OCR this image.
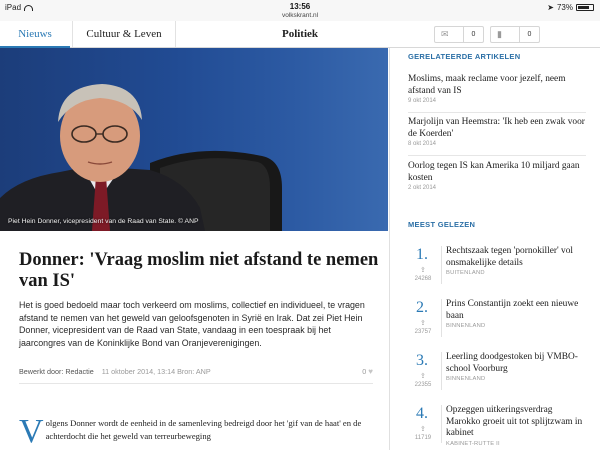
iPad	13:56
volkskrant.nl
➤ 73%
Nieuws	Cultuur & Leven	Politiek	✉	0	▮	0
Piet Hein Donner, vicepresident van de Raad van State. © ANP
Donner: 'Vraag moslim niet afstand te nemen van IS'

Het is goed bedoeld maar toch verkeerd om moslims, collectief en individueel, te vragen afstand te nemen van het geweld van geloofsgenoten in Syrië en Irak. Dat zei Piet Hein Donner, vicepresident van de Raad van State, vandaag in een toespraak bij het jaarcongres van de Koninklijke Bond van Oranjeverenigingen.

Bewerkt door: Redactie 11 oktober 2014, 13:14 Bron: ANP	0 ♥

Volgens Donner wordt de eenheid in de samenleving bedreigd door het 'gif van de haat' en de achterdocht die het geweld van terreurbeweging

GERELATEERDE ARTIKELEN
Moslims, maak reclame voor jezelf, neem afstand van IS
9 okt 2014
Marjolijn van Heemstra: 'Ik heb een zwak voor de Koerden'
8 okt 2014
Oorlog tegen IS kan Amerika 10 miljard gaan kosten
2 okt 2014
MEEST GELEZEN
1.
⇪
24268
Rechtszaak tegen 'pornokiller' vol onsmakelijke details
BUITENLAND
2.
⇪
23757
Prins Constantijn zoekt een nieuwe baan
BINNENLAND
3.
⇪
22355
Leerling doodgestoken bij VMBO-school Voorburg
BINNENLAND
4.
⇪
11719
Opzeggen uitkeringsverdrag Marokko groeit uit tot splijtzwam in kabinet
KABINET-RUTTE II
